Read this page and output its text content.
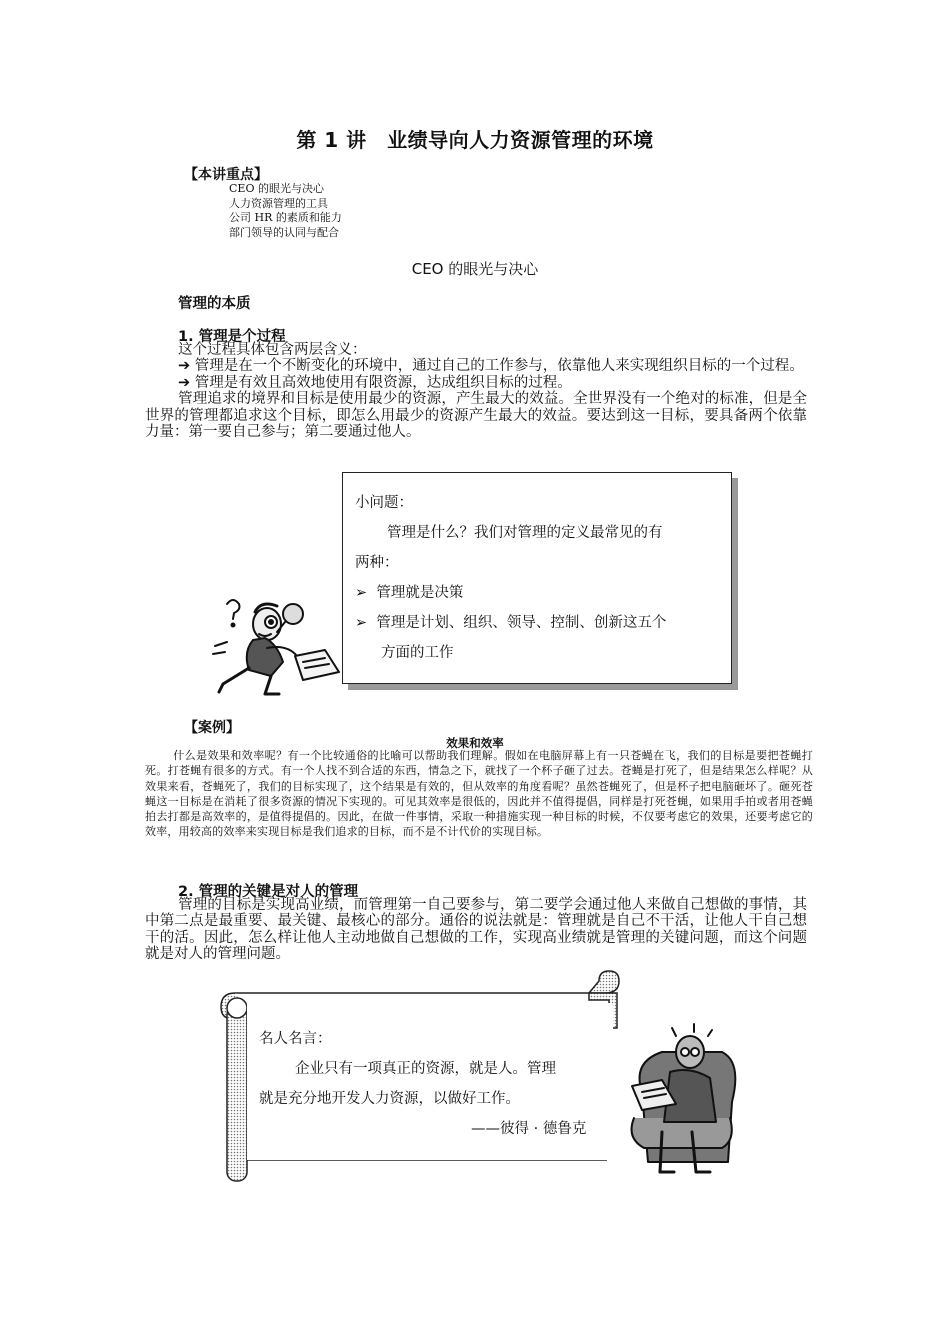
第 1 讲　业绩导向人力资源管理的环境
【本讲重点】
CEO 的眼光与决心
人力资源管理的工具
公司 HR 的素质和能力
部门领导的认同与配合
CEO 的眼光与决心
管理的本质
1. 管理是个过程
这个过程具体包含两层含义：
➔ 管理是在一个不断变化的环境中，通过自己的工作参与，依靠他人来实现组织目标的一个过程。
➔ 管理是有效且高效地使用有限资源，达成组织目标的过程。
管理追求的境界和目标是使用最少的资源，产生最大的效益。全世界没有一个绝对的标准，但是全世界的管理都追求这个目标，即怎么用最少的资源产生最大的效益。要达到这一目标，要具备两个依靠力量：第一要自己参与；第二要通过他人。
小问题：
管理是什么？我们对管理的定义最常见的有
两种：
➢ 管理就是决策
➢ 管理是计划、组织、领导、控制、创新这五个
方面的工作
【案例】
效果和效率
什么是效果和效率呢？有一个比较通俗的比喻可以帮助我们理解。假如在电脑屏幕上有一只苍蝇在飞，我们的目标是要把苍蝇打死。打苍蝇有很多的方式。有一个人找不到合适的东西，情急之下，就找了一个杯子砸了过去。苍蝇是打死了，但是结果怎么样呢？从效果来看，苍蝇死了，我们的目标实现了，这个结果是有效的，但从效率的角度看呢？虽然苍蝇死了，但是杯子把电脑砸坏了。砸死苍蝇这一目标是在消耗了很多资源的情况下实现的。可见其效率是很低的，因此并不值得提倡，同样是打死苍蝇，如果用手拍或者用苍蝇拍去打都是高效率的，是值得提倡的。因此，在做一件事情，采取一种措施实现一种目标的时候，不仅要考虑它的效果，还要考虑它的效率，用较高的效率来实现目标是我们追求的目标，而不是不计代价的实现目标。
2. 管理的关键是对人的管理
管理的目标是实现高业绩，而管理第一自己要参与，第二要学会通过他人来做自己想做的事情，其中第二点是最重要、最关键、最核心的部分。通俗的说法就是：管理就是自己不干活，让他人干自己想干的活。因此，怎么样让他人主动地做自己想做的工作，实现高业绩就是管理的关键问题，而这个问题就是对人的管理问题。
名人名言：
企业只有一项真正的资源，就是人。管理
就是充分地开发人力资源，以做好工作。
——彼得 · 德鲁克
